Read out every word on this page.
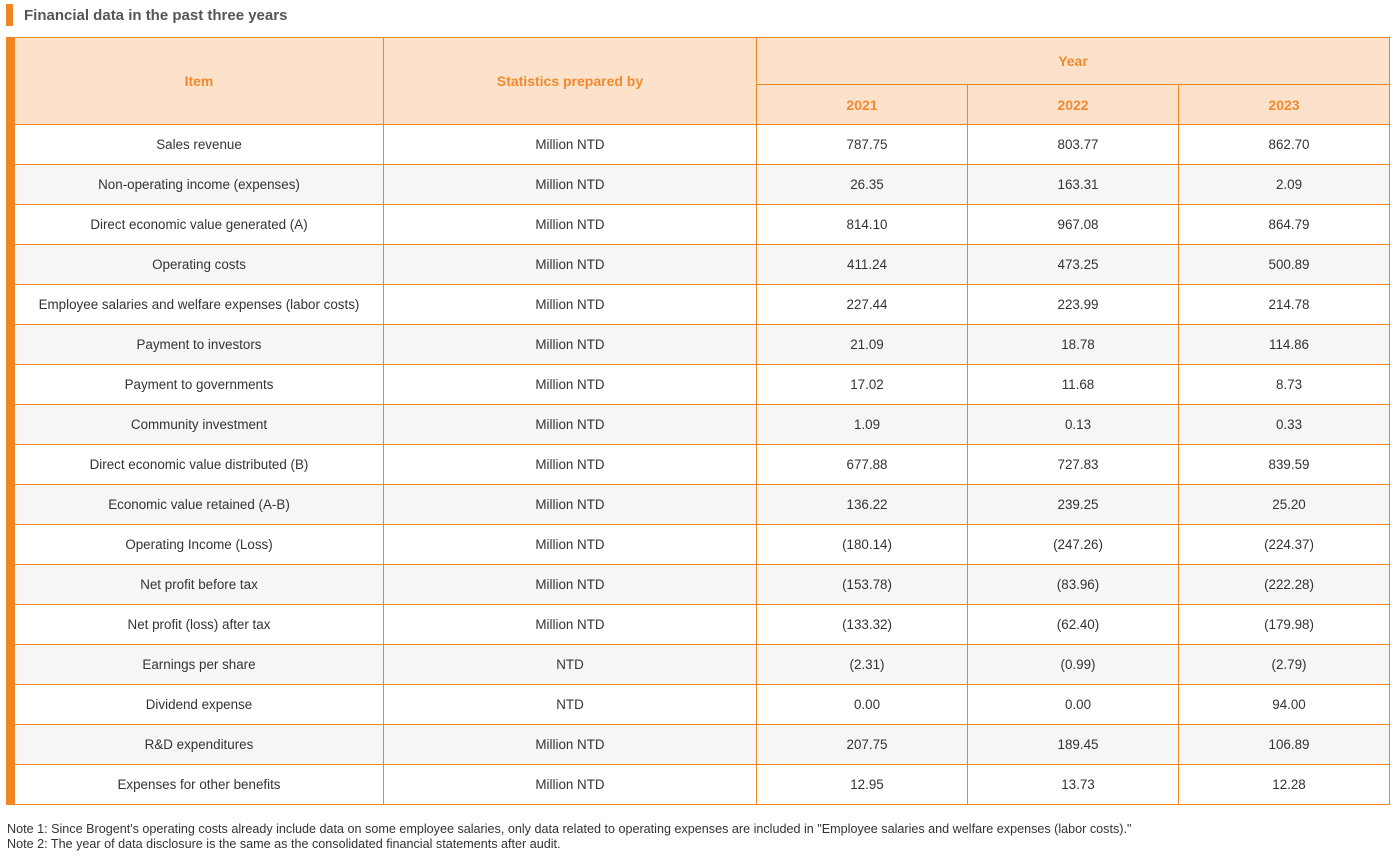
Financial data in the past three years
Item	Statistics prepared by	Year		
		2021	2022	2023
Sales revenue	Million NTD	787.75	803.77	862.70
Non-operating income (expenses)	Million NTD	26.35	163.31	2.09
Direct economic value generated (A)	Million NTD	814.10	967.08	864.79
Operating costs	Million NTD	411.24	473.25	500.89
Employee salaries and welfare expenses (labor costs)	Million NTD	227.44	223.99	214.78
Payment to investors	Million NTD	21.09	18.78	114.86
Payment to governments	Million NTD	17.02	11.68	8.73
Community investment	Million NTD	1.09	0.13	0.33
Direct economic value distributed (B)	Million NTD	677.88	727.83	839.59
Economic value retained (A-B)	Million NTD	136.22	239.25	25.20
Operating Income (Loss)	Million NTD	(180.14)	(247.26)	(224.37)
Net profit before tax	Million NTD	(153.78)	(83.96)	(222.28)
Net profit (loss) after tax	Million NTD	(133.32)	(62.40)	(179.98)
Earnings per share	NTD	(2.31)	(0.99)	(2.79)
Dividend expense	NTD	0.00	0.00	94.00
R&D expenditures	Million NTD	207.75	189.45	106.89
Expenses for other benefits	Million NTD	12.95	13.73	12.28
Note 1: Since Brogent's operating costs already include data on some employee salaries, only data related to operating expenses are included in "Employee salaries and welfare expenses (labor costs)."
Note 2: The year of data disclosure is the same as the consolidated financial statements after audit.
